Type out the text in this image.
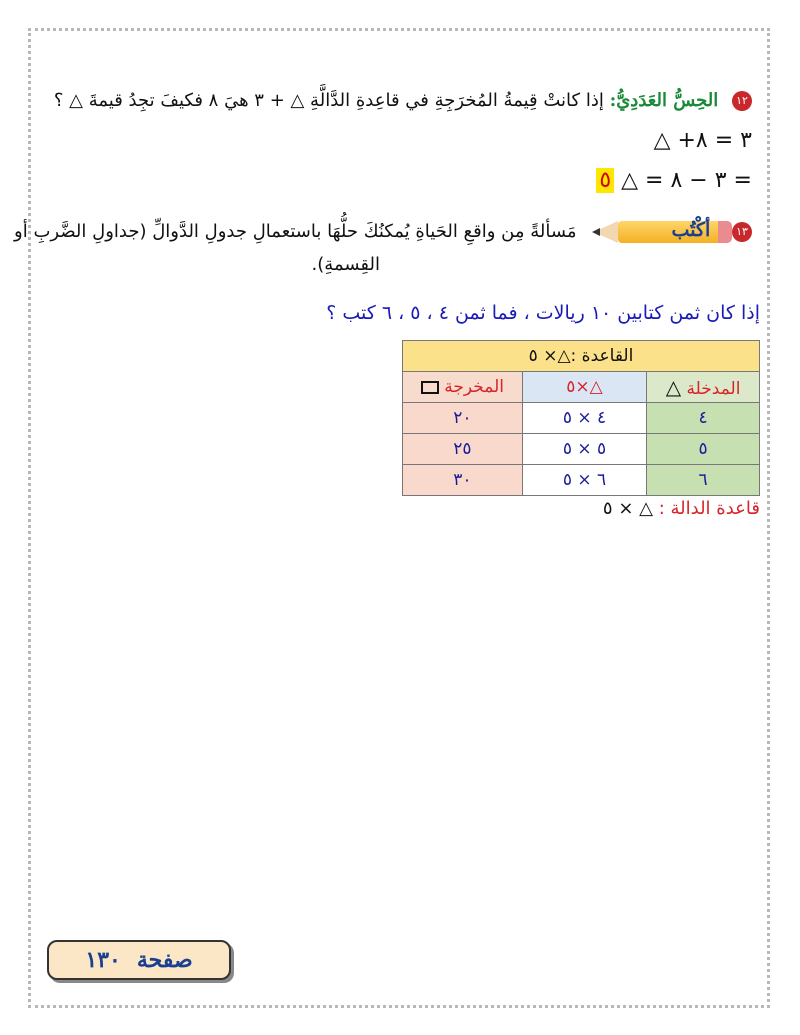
١٢ الحِسُّ العَدَدِيُّ: إذا كانتْ قِيمةُ المُخرَجِةِ في قاعِدةِ الدَّالَّةِ △ + ٣ هيَ ٨ فكيفَ تجِدُ قيمةَ △ ؟
△ +٣ = ٨
٥ = ٣ − ٨ = △
١٣
أكْتُب
مَسألةً مِن واقعِ الحَياةِ يُمكنُكَ حلُّهَا باستعمالِ جدولِ الدَّوالِّ (جداولِ الضَّربِ أو
القِسمةِ).
إذا كان ثمن كتابين ١٠ ريالات ، فما ثمن ٤ ، ٥ ، ٦ كتب ؟
القاعدة :△× ٥		
المدخلة △	△×٥	المخرجة
٤	٤ × ٥	٢٠
٥	٥ × ٥	٢٥
٦	٦ × ٥	٣٠
قاعدة الدالة : △ × ٥
صفحة
١٣٠
